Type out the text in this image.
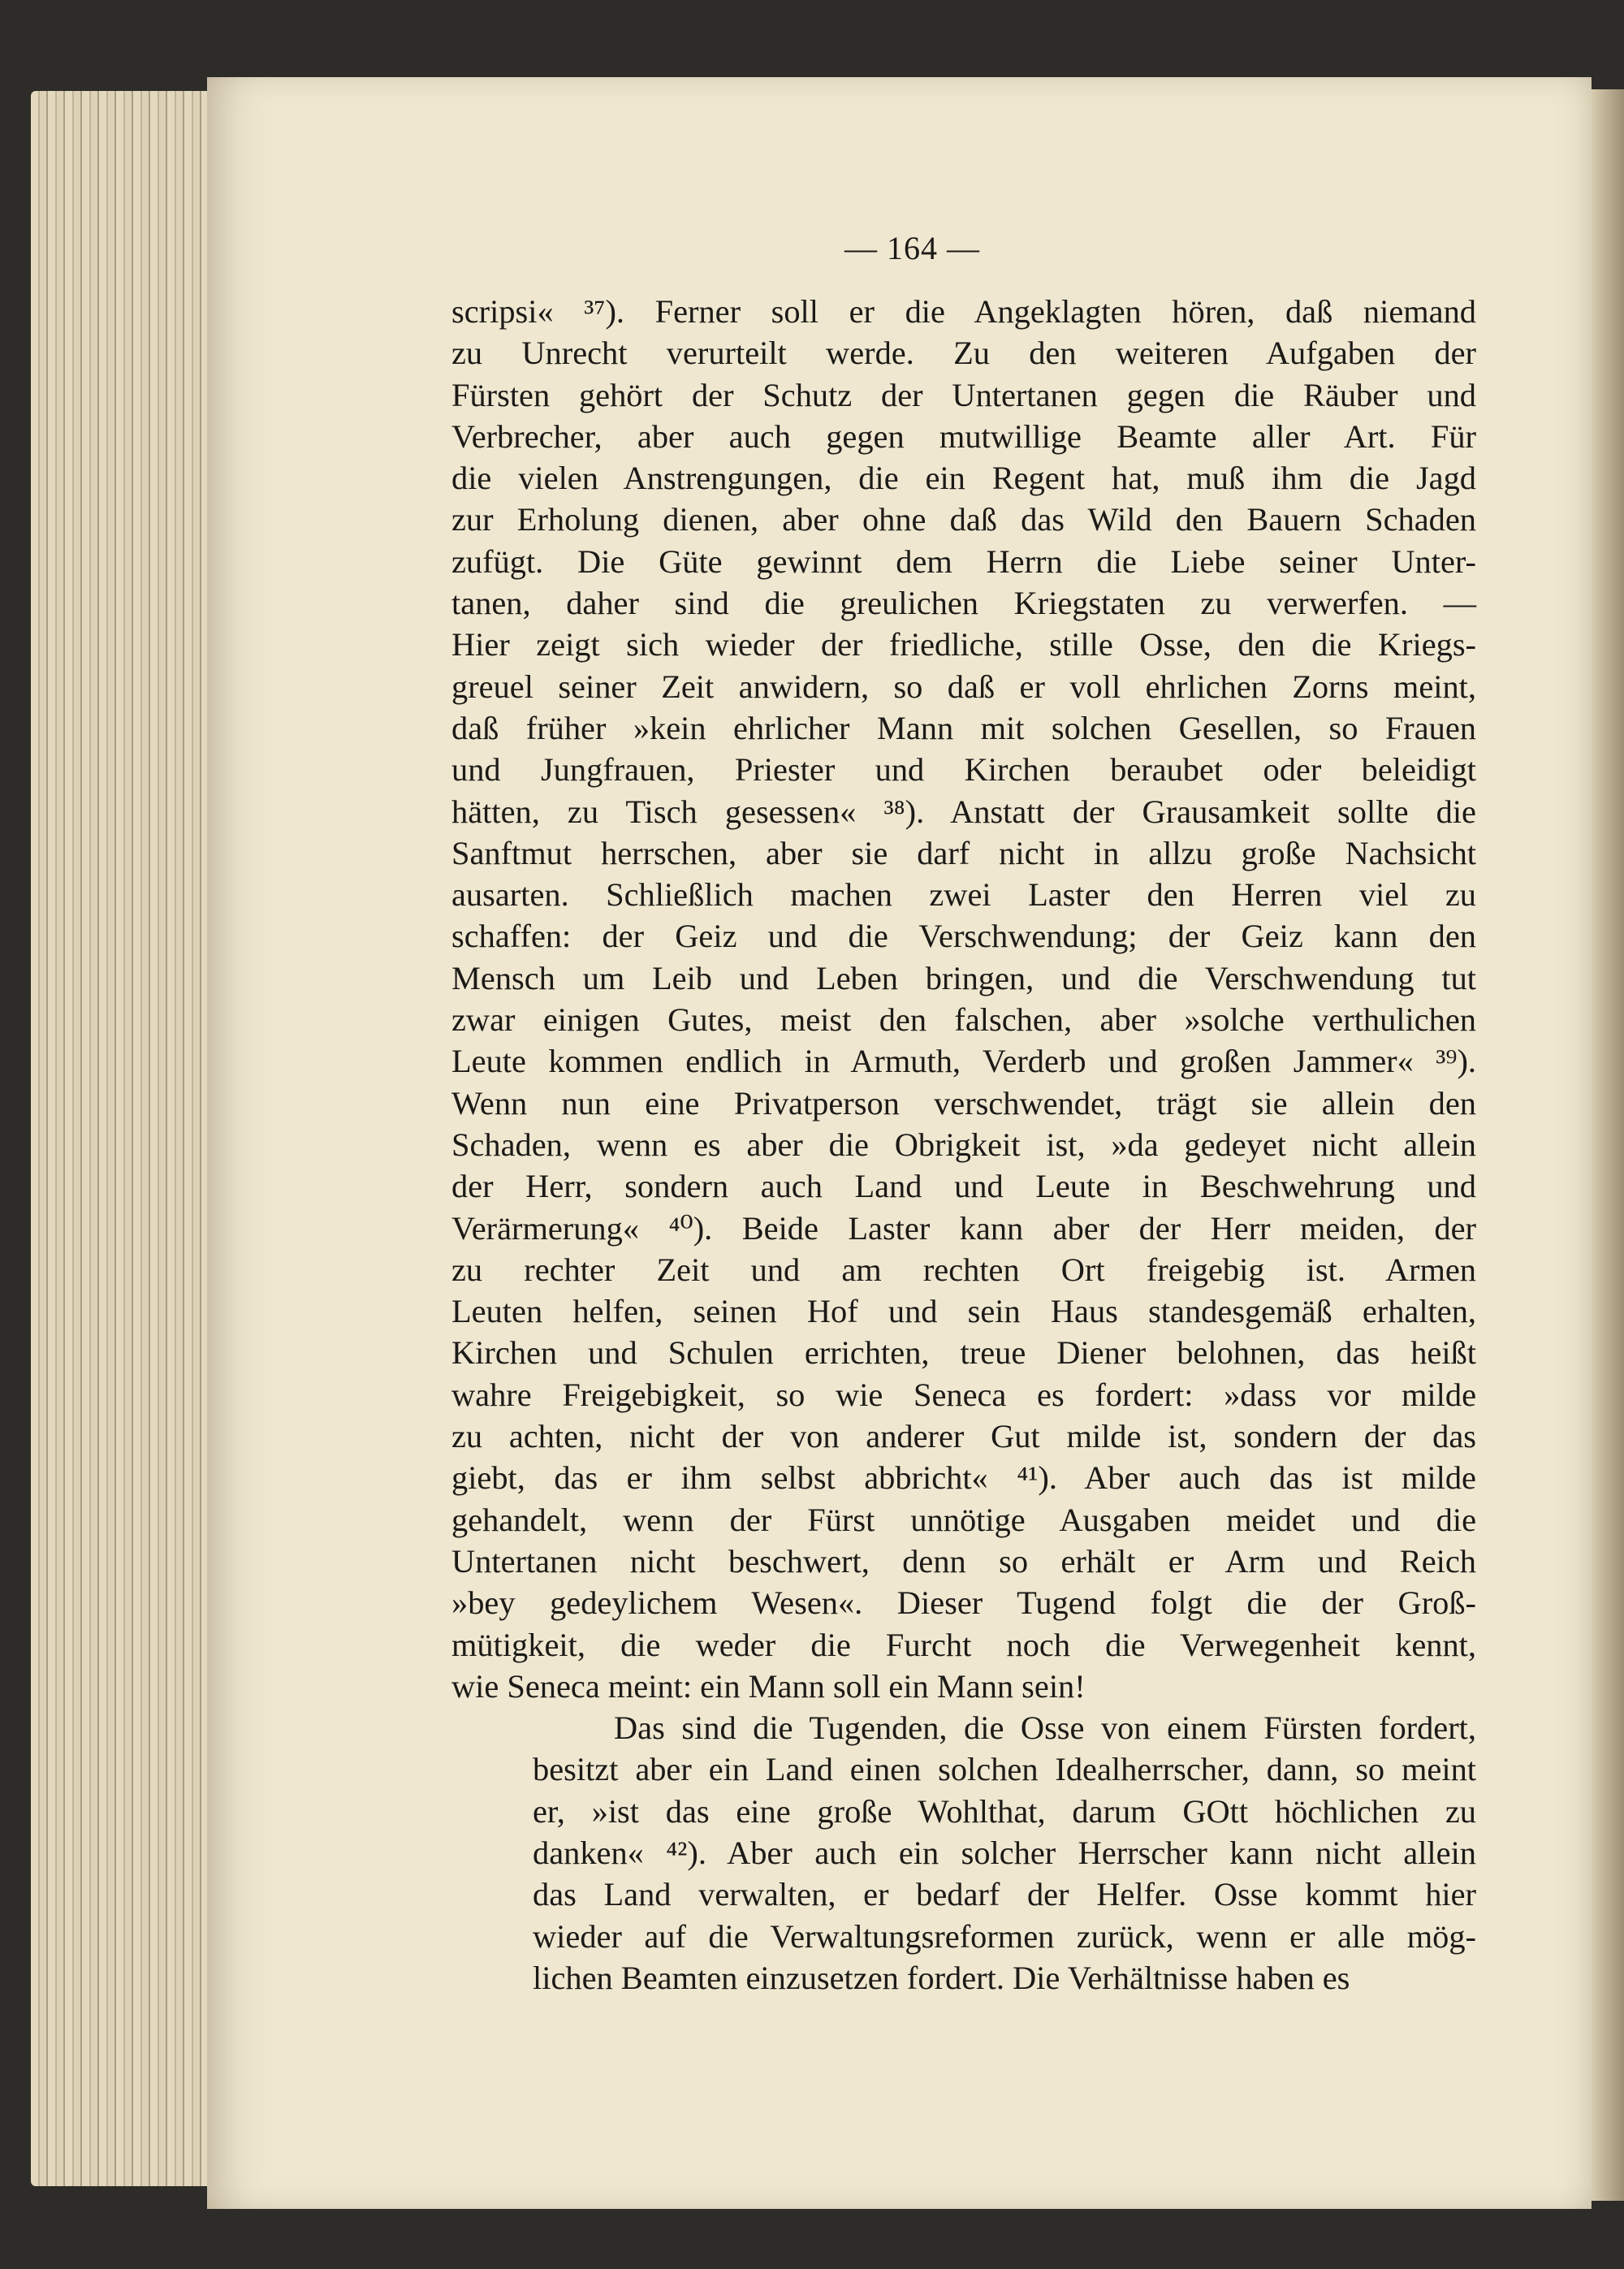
— 164 —

scripsi« ³⁷). Ferner soll er die Angeklagten hören, daß niemand
zu Unrecht verurteilt werde. Zu den weiteren Aufgaben der
Fürsten gehört der Schutz der Untertanen gegen die Räuber und
Verbrecher, aber auch gegen mutwillige Beamte aller Art. Für
die vielen Anstrengungen, die ein Regent hat, muß ihm die Jagd
zur Erholung dienen, aber ohne daß das Wild den Bauern Schaden
zufügt. Die Güte gewinnt dem Herrn die Liebe seiner Unter-
tanen, daher sind die greulichen Kriegstaten zu verwerfen. —
Hier zeigt sich wieder der friedliche, stille Osse, den die Kriegs-
greuel seiner Zeit anwidern, so daß er voll ehrlichen Zorns meint,
daß früher »kein ehrlicher Mann mit solchen Gesellen, so Frauen
und Jungfrauen, Priester und Kirchen beraubet oder beleidigt
hätten, zu Tisch gesessen« ³⁸). Anstatt der Grausamkeit sollte die
Sanftmut herrschen, aber sie darf nicht in allzu große Nachsicht
ausarten. Schließlich machen zwei Laster den Herren viel zu
schaffen: der Geiz und die Verschwendung; der Geiz kann den
Mensch um Leib und Leben bringen, und die Verschwendung tut
zwar einigen Gutes, meist den falschen, aber »solche verthulichen
Leute kommen endlich in Armuth, Verderb und großen Jammer« ³⁹).
Wenn nun eine Privatperson verschwendet, trägt sie allein den
Schaden, wenn es aber die Obrigkeit ist, »da gedeyet nicht allein
der Herr, sondern auch Land und Leute in Beschwehrung und
Verärmerung« ⁴⁰). Beide Laster kann aber der Herr meiden, der
zu rechter Zeit und am rechten Ort freigebig ist. Armen
Leuten helfen, seinen Hof und sein Haus standesgemäß erhalten,
Kirchen und Schulen errichten, treue Diener belohnen, das heißt
wahre Freigebigkeit, so wie Seneca es fordert: »dass vor milde
zu achten, nicht der von anderer Gut milde ist, sondern der das
giebt, das er ihm selbst abbricht« ⁴¹). Aber auch das ist milde
gehandelt, wenn der Fürst unnötige Ausgaben meidet und die
Untertanen nicht beschwert, denn so erhält er Arm und Reich
»bey gedeylichem Wesen«. Dieser Tugend folgt die der Groß-
mütigkeit, die weder die Furcht noch die Verwegenheit kennt,
wie Seneca meint: ein Mann soll ein Mann sein!

Das sind die Tugenden, die Osse von einem Fürsten fordert,
besitzt aber ein Land einen solchen Idealherrscher, dann, so meint
er, »ist das eine große Wohlthat, darum GOtt höchlichen zu
danken« ⁴²). Aber auch ein solcher Herrscher kann nicht allein
das Land verwalten, er bedarf der Helfer. Osse kommt hier
wieder auf die Verwaltungsreformen zurück, wenn er alle mög-
lichen Beamten einzusetzen fordert. Die Verhältnisse haben es
